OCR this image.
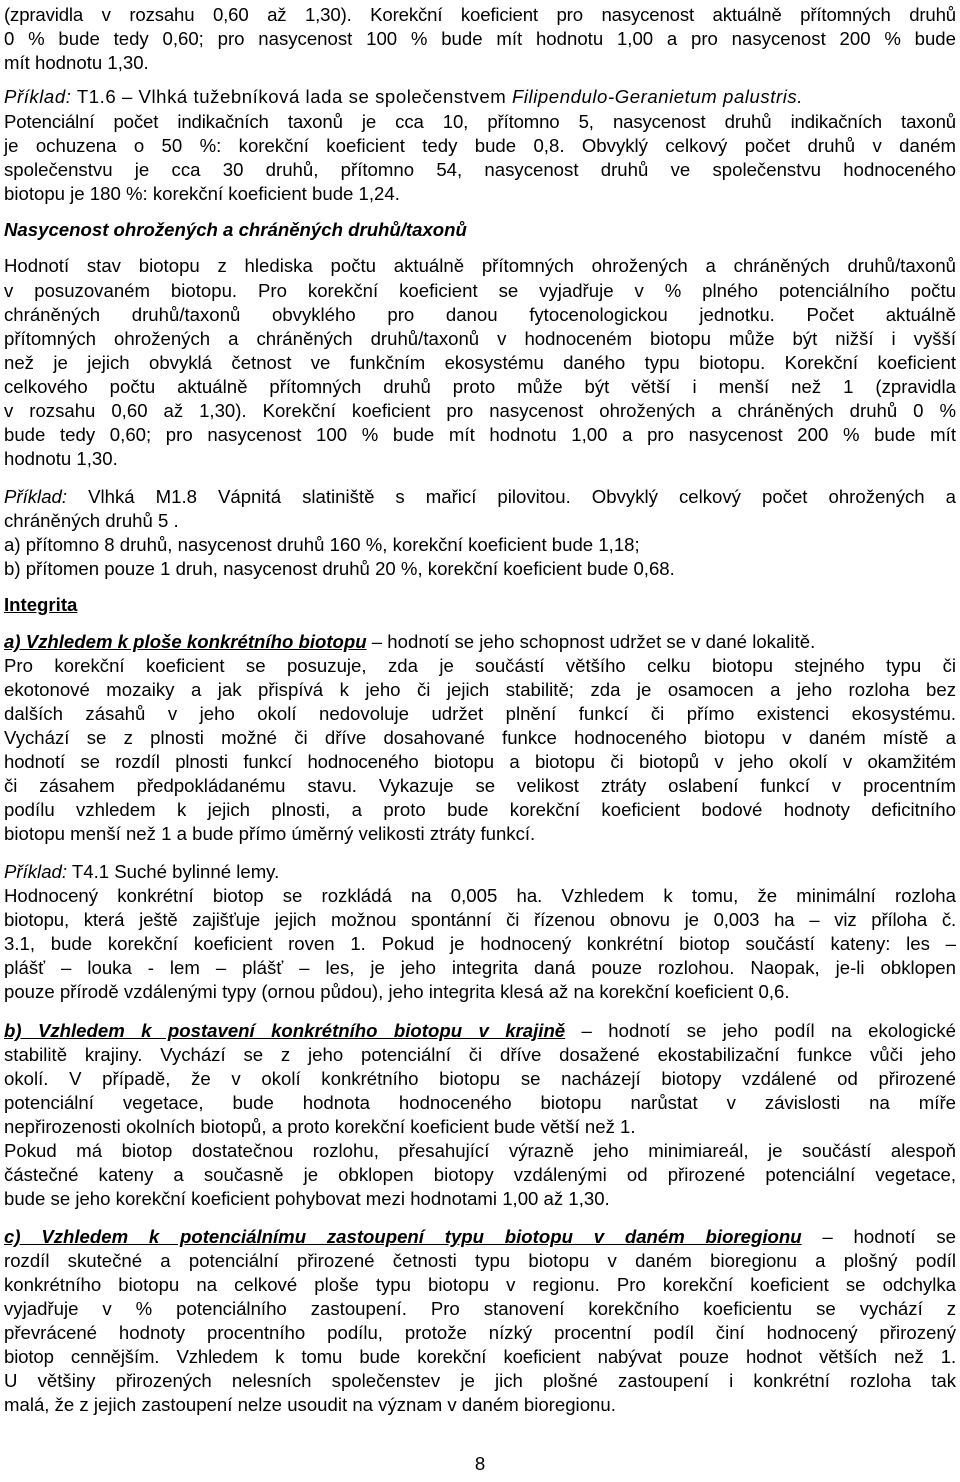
(zpravidla v rozsahu 0,60 až 1,30). Korekční koeficient pro nasycenost aktuálně přítomných druhů
0 % bude tedy 0,60; pro nasycenost 100 % bude mít hodnotu 1,00 a pro nasycenost 200 % bude
mít hodnotu 1,30.
Příklad: T1.6 – Vlhká tužebníková lada se společenstvem Filipendulo-Geranietum palustris.
Potenciální počet indikačních taxonů je cca 10, přítomno 5, nasycenost druhů indikačních taxonů
je ochuzena o 50 %: korekční koeficient tedy bude 0,8. Obvyklý celkový počet druhů v daném
společenstvu je cca 30 druhů, přítomno 54, nasycenost druhů ve společenstvu hodnoceného
biotopu je 180 %: korekční koeficient bude 1,24.
Nasycenost ohrožených a chráněných druhů/taxonů
Hodnotí stav biotopu z hlediska počtu aktuálně přítomných ohrožených a chráněných druhů/taxonů
v posuzovaném biotopu. Pro korekční koeficient se vyjadřuje v % plného potenciálního počtu
chráněných druhů/taxonů obvyklého pro danou fytocenologickou jednotku. Počet aktuálně
přítomných ohrožených a chráněných druhů/taxonů v hodnoceném biotopu může být nižší i vyšší
než je jejich obvyklá četnost ve funkčním ekosystému daného typu biotopu. Korekční koeficient
celkového počtu aktuálně přítomných druhů proto může být větší i menší než 1 (zpravidla
v rozsahu 0,60 až 1,30). Korekční koeficient pro nasycenost ohrožených a chráněných druhů 0 %
bude tedy 0,60; pro nasycenost 100 % bude mít hodnotu 1,00 a pro nasycenost 200 % bude mít
hodnotu 1,30.
Příklad: Vlhká M1.8 Vápnitá slatiniště s mařicí pilovitou. Obvyklý celkový počet ohrožených a
chráněných druhů 5 .
a) přítomno 8 druhů, nasycenost druhů 160 %, korekční koeficient bude 1,18;
b) přítomen pouze 1 druh, nasycenost druhů 20 %, korekční koeficient bude 0,68.
Integrita
a) Vzhledem k ploše konkrétního biotopu – hodnotí se jeho schopnost udržet se v dané lokalitě.
Pro korekční koeficient se posuzuje, zda je součástí většího celku biotopu stejného typu či
ekotonové mozaiky a jak přispívá k jeho či jejich stabilitě; zda je osamocen a jeho rozloha bez
dalších zásahů v jeho okolí nedovoluje udržet plnění funkcí či přímo existenci ekosystému.
Vychází se z plnosti možné či dříve dosahované funkce hodnoceného biotopu v daném místě a
hodnotí se rozdíl plnosti funkcí hodnoceného biotopu a biotopu či biotopů v jeho okolí v okamžitém
či zásahem předpokládanému stavu. Vykazuje se velikost ztráty oslabení funkcí v procentním
podílu vzhledem k jejich plnosti, a proto bude korekční koeficient bodové hodnoty deficitního
biotopu menší než 1 a bude přímo úměrný velikosti ztráty funkcí.
Příklad: T4.1 Suché bylinné lemy.
Hodnocený konkrétní biotop se rozkládá na 0,005 ha. Vzhledem k tomu, že minimální rozloha
biotopu, která ještě zajišťuje jejich možnou spontánní či řízenou obnovu je 0,003 ha – viz příloha č.
3.1, bude korekční koeficient roven 1. Pokud je hodnocený konkrétní biotop součástí kateny: les –
plášť – louka - lem – plášť – les, je jeho integrita daná pouze rozlohou. Naopak, je-li obklopen
pouze přírodě vzdálenými typy (ornou půdou), jeho integrita klesá až na korekční koeficient 0,6.
b) Vzhledem k postavení konkrétního biotopu v krajině – hodnotí se jeho podíl na ekologické
stabilitě krajiny. Vychází se z jeho potenciální či dříve dosažené ekostabilizační funkce vůči jeho
okolí. V případě, že v okolí konkrétního biotopu se nacházejí biotopy vzdálené od přirozené
potenciální vegetace, bude hodnota hodnoceného biotopu narůstat v závislosti na míře
nepřirozenosti okolních biotopů, a proto korekční koeficient bude větší než 1.
Pokud má biotop dostatečnou rozlohu, přesahující výrazně jeho minimiareál, je součástí alespoň
částečné kateny a současně je obklopen biotopy vzdálenými od přirozené potenciální vegetace,
bude se jeho korekční koeficient pohybovat mezi hodnotami 1,00 až 1,30.
c) Vzhledem k potenciálnímu zastoupení typu biotopu v daném bioregionu – hodnotí se
rozdíl skutečné a potenciální přirozené četnosti typu biotopu v daném bioregionu a plošný podíl
konkrétního biotopu na celkové ploše typu biotopu v regionu. Pro korekční koeficient se odchylka
vyjadřuje v % potenciálního zastoupení. Pro stanovení korekčního koeficientu se vychází z
převrácené hodnoty procentního podílu, protože nízký procentní podíl činí hodnocený přirozený
biotop cennějším. Vzhledem k tomu bude korekční koeficient nabývat pouze hodnot větších než 1.
U většiny přirozených nelesních společenstev je jich plošné zastoupení i konkrétní rozloha tak
malá, že z jejich zastoupení nelze usoudit na význam v daném bioregionu.
8
